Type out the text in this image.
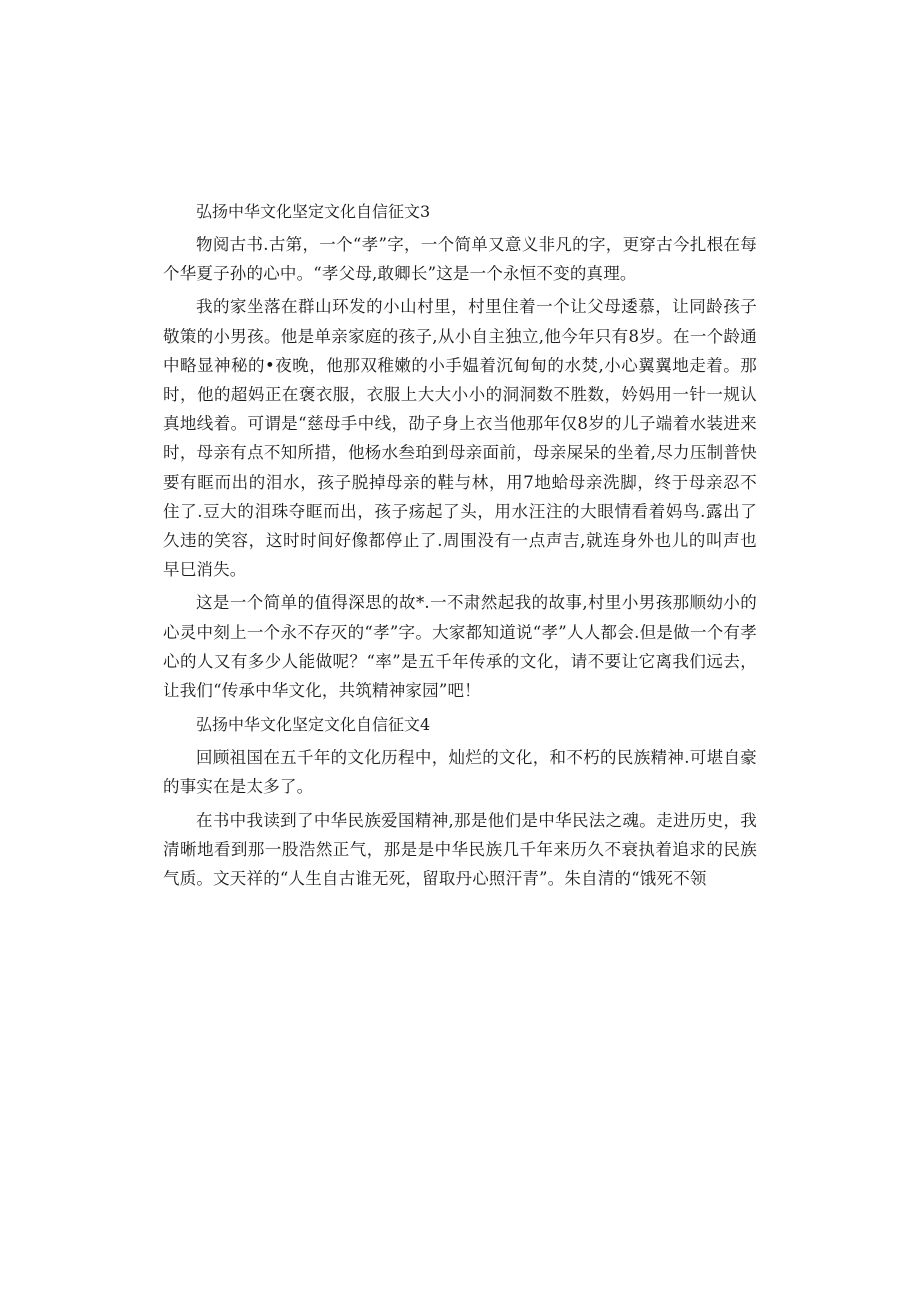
弘扬中华文化坚定文化自信征文3

物阅古书.古第，一个“孝”字，一个简单又意义非凡的字，更穿古今扎根在每个华夏子孙的心中。“孝父母,敢卿长”这是一个永恒不变的真理。

我的家坐落在群山环发的小山村里，村里住着一个让父母逶慕，让同龄孩子敬策的小男孩。他是单亲家庭的孩子,从小自主独立,他今年只有8岁。在一个龄通中略显神秘的•夜晚，他那双稚嫩的小手媪着沉甸甸的水焚,小心翼翼地走着。那时，他的超妈正在褒衣服，衣服上大大小小的洞洞数不胜数，妗妈用一针一规认真地线着。可谓是“慈母手中线，劭子身上衣当他那年仅8岁的儿子端着水装进来时，母亲有点不知所措，他杨水叁珀到母亲面前，母亲屎呆的坐着,尽力压制普快要有眶而出的泪水，孩子脱掉母亲的鞋与林，用7地蛤母亲洗脚，终于母亲忍不住了.豆大的泪珠夺眶而出，孩子疡起了头，用水汪注的大眼情看着妈鸟.露出了久违的笑容，这时时间好像都停止了.周围没有一点声吉,就连身外也儿的叫声也早巳消失。

这是一个简单的值得深思的故*.一不肃然起我的故事,村里小男孩那顺幼小的心灵中刻上一个永不存灭的“孝”字。大家都知道说“孝”人人都会.但是做一个有孝心的人又有多少人能做呢？“率”是五千年传承的文化，请不要让它离我们远去，让我们“传承中华文化，共筑精神家园”吧！

弘扬中华文化坚定文化自信征文4

回顾祖国在五千年的文化历程中，灿烂的文化，和不朽的民族精神.可堪自豪的事实在是太多了。

在书中我读到了中华民族爱国精神,那是他们是中华民法之魂。走进历史，我清晰地看到那一股浩然正气，那是是中华民族几千年来历久不衰执着追求的民族气质。文天祥的“人生自古谁无死，留取丹心照汗青”。朱自清的“饿死不领
